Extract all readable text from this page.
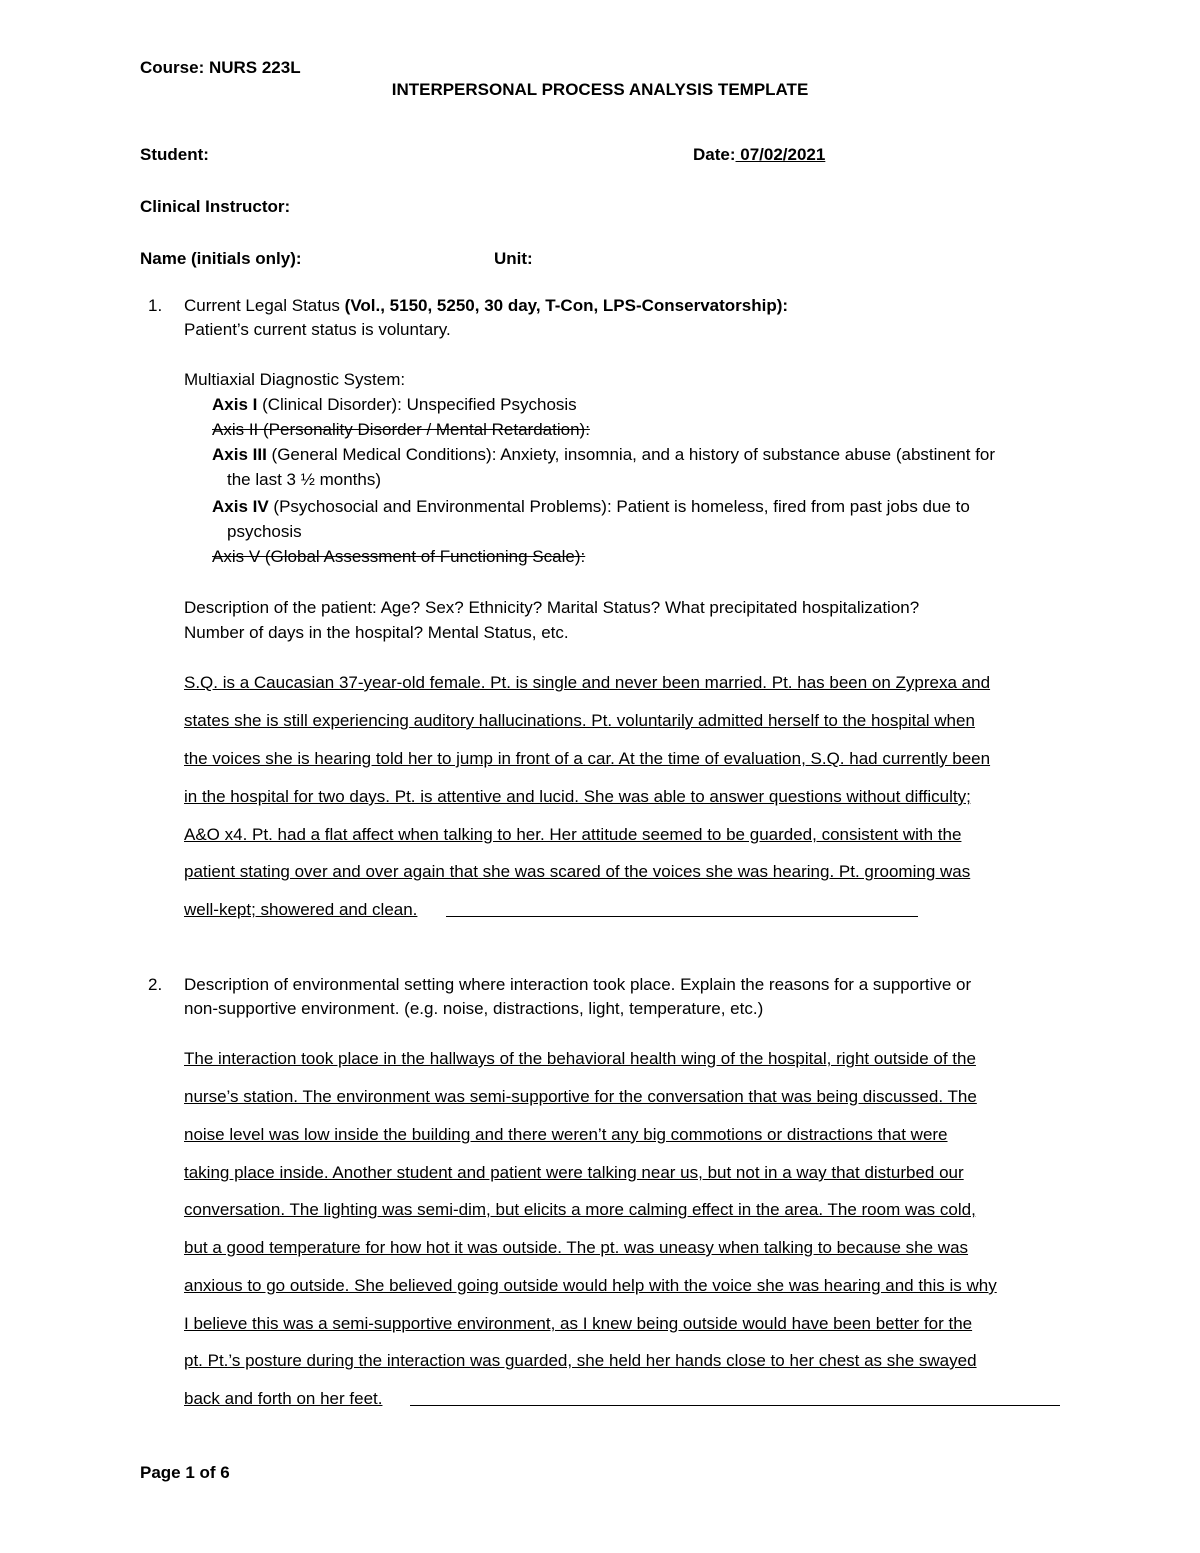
Course: NURS 223L
INTERPERSONAL PROCESS ANALYSIS TEMPLATE
Student:	Date: 07/02/2021
Clinical Instructor:
Name (initials only):	Unit:
1. Current Legal Status (Vol., 5150, 5250, 30 day, T-Con, LPS-Conservatorship):
Patient’s current status is voluntary.
Multiaxial Diagnostic System:
Axis I (Clinical Disorder): Unspecified Psychosis
Axis II (Personality Disorder / Mental Retardation):
Axis III (General Medical Conditions): Anxiety, insomnia, and a history of substance abuse (abstinent for
the last 3 ½ months)
Axis IV (Psychosocial and Environmental Problems): Patient is homeless, fired from past jobs due to
psychosis
Axis V (Global Assessment of Functioning Scale):
Description of the patient: Age? Sex? Ethnicity? Marital Status? What precipitated hospitalization?
Number of days in the hospital? Mental Status, etc.
S.Q. is a Caucasian 37-year-old female. Pt. is single and never been married. Pt. has been on Zyprexa and
states she is still experiencing auditory hallucinations. Pt. voluntarily admitted herself to the hospital when
the voices she is hearing told her to jump in front of a car. At the time of evaluation, S.Q. had currently been
in the hospital for two days. Pt. is attentive and lucid. She was able to answer questions without difficulty;
A&O x4. Pt. had a flat affect when talking to her. Her attitude seemed to be guarded, consistent with the
patient stating over and over again that she was scared of the voices she was hearing. Pt. grooming was
well-kept; showered and clean.
2. Description of environmental setting where interaction took place. Explain the reasons for a supportive or
non-supportive environment. (e.g. noise, distractions, light, temperature, etc.)
The interaction took place in the hallways of the behavioral health wing of the hospital, right outside of the
nurse’s station. The environment was semi-supportive for the conversation that was being discussed. The
noise level was low inside the building and there weren’t any big commotions or distractions that were
taking place inside. Another student and patient were talking near us, but not in a way that disturbed our
conversation. The lighting was semi-dim, but elicits a more calming effect in the area. The room was cold,
but a good temperature for how hot it was outside. The pt. was uneasy when talking to because she was
anxious to go outside. She believed going outside would help with the voice she was hearing and this is why
I believe this was a semi-supportive environment, as I knew being outside would have been better for the
pt. Pt.’s posture during the interaction was guarded, she held her hands close to her chest as she swayed
back and forth on her feet.
Page 1 of 6
